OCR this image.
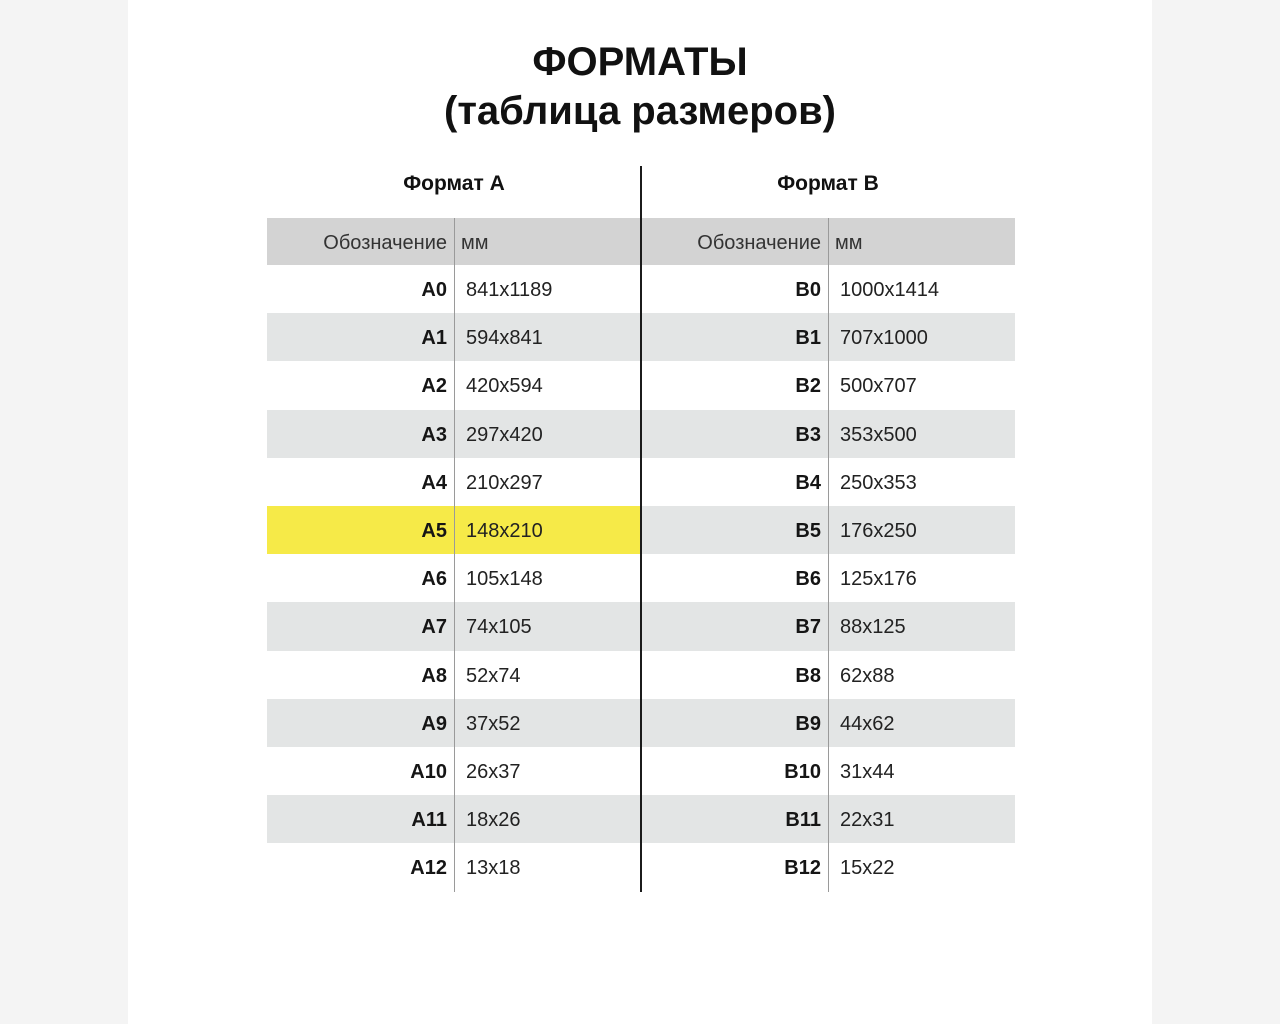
ФОРМАТЫ
(таблица размеров)
Формат А	Формат В
Обозначение мм	Обозначение мм
А0 841x1189	В0 1000x1414
А1 594x841	В1 707x1000
А2 420x594	В2 500x707
А3 297x420	В3 353x500
А4 210x297	В4 250x353
А5 148x210	В5 176x250
А6 105x148	В6 125x176
А7 74x105	В7 88x125
А8 52x74	В8 62x88
А9 37x52	В9 44x62
А10 26x37	В10 31x44
А11 18x26	В11 22x31
А12 13x18	В12 15x22
